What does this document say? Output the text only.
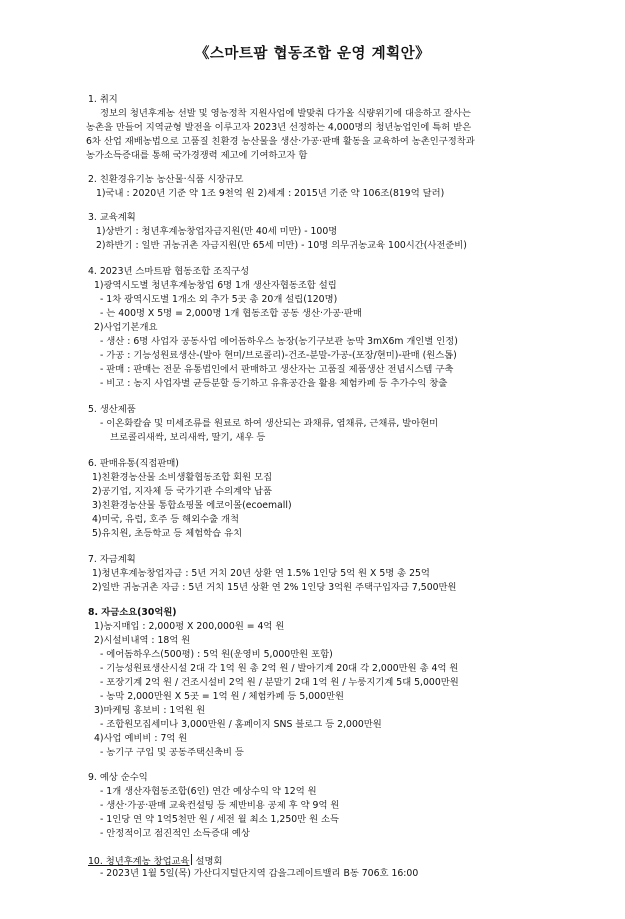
《스마트팜 협동조합 운영 계획안》
1. 취지
정보의 청년후계농 선발 및 영농정착 지원사업에 발맞춰 다가올 식량위기에 대응하고 잘사는
농촌을 만들어 지역균형 발전을 이루고자 2023년 선정하는 4,000명의 청년농업인에 특허 받은
6차 산업 재배농법으로 고품질 친환경 농산물을 생산·가공·판매 활동을 교육하여 농촌인구정착과
농가소득증대를 통해 국가경쟁력 제고에 기여하고자 함
2. 친환경유기농 농산물·식품 시장규모
1)국내 : 2020년 기준 약 1조 9천억 원 2)세계 : 2015년 기준 약 106조(819억 달러)
3. 교육계획
1)상반기 : 청년후계농창업자금지원(만 40세 미만) - 100명
2)하반기 : 일반 귀농귀촌 자금지원(만 65세 미만) - 10명 의무귀농교육 100시간(사전준비)
4. 2023년 스마트팜 협동조합 조직구성
1)광역시도별 청년후계농창업 6명 1개 생산자협동조합 설립
- 1차 광역시도별 1개소 외 추가 5곳 총 20개 설립(120명)
- 는 400명 X 5명 = 2,000명 1개 협동조합 공동 생산·가공·판매
2)사업기본개요
- 생산 : 6명 사업자 공동사업 에어돔하우스 농장(농기구보관 농막 3mX6m 개인별 인정)
- 가공 : 기능성원료생산-(발아 현미/브로콜리)-건조-분말-가공-(포장/현미)-판매 (원스톱)
- 판매 : 판매는 전문 유통법인에서 판매하고 생산자는 고품질 제품생산 전념시스템 구축
- 비고 : 농지 사업자별 균등분할 등기하고 유휴공간을 활용 체험카페 등 추가수익 창출
5. 생산제품
- 이온화칼슘 및 미세조류를 원료로 하여 생산되는 과채류, 엽채류, 근채류, 발아현미
브로콜리새싹, 보리새싹, 딸기, 새우 등
6. 판매유통(직접판매)
1)친환경농산물 소비생활협동조합 회원 모집
2)공기업, 지자체 등 국가기관 수의계약 납품
3)친환경농산물 통합쇼핑몰 에코이몰(ecoemall)
4)미국, 유럽, 호주 등 해외수출 개척
5)유치원, 초등학교 등 체험학습 유치
7. 자금계획
1)청년후계농창업자금 : 5년 거치 20년 상환 연 1.5% 1인당 5억 원 X 5명 총 25억
2)일반 귀농귀촌 자금 : 5년 거치 15년 상환 연 2% 1인당 3억원 주택구입자금 7,500만원
8. 자금소요(30억원)
1)농지매입 : 2,000평 X 200,000원 = 4억 원
2)시설비내역 : 18억 원
- 에어돔하우스(500평) : 5억 원(운영비 5,000만원 포함)
- 기능성원료생산시설 2대 각 1억 원 총 2억 원 / 발아기계 20대 각 2,000만원 총 4억 원
- 포장기계 2억 원 / 건조시설비 2억 원 / 분말기 2대 1억 원 / 누룽지기계 5대 5,000만원
- 농막 2,000만원 X 5곳 = 1억 원 / 체험카페 등 5,000만원
3)마케팅 홍보비 : 1억원 원
- 조합원모집세미나 3,000만원 / 홈페이지 SNS 블로그 등 2,000만원
4)사업 예비비 : 7억 원
- 농기구 구입 및 공동주택신축비 등
9. 예상 순수익
- 1개 생산자협동조합(6인) 연간 예상수익 약 12억 원
- 생산·가공·판매 교육컨설팅 등 제반비용 공제 후 약 9억 원
- 1인당 연 약 1억5천만 원 / 세전 월 최소 1,250만 원 소득
- 안정적이고 점진적인 소득증대 예상
10. 청년후계농 창업교육 설명회
- 2023년 1월 5일(목) 가산디지털단지역 갑을그레이트밸리 B동 706호 16:00
